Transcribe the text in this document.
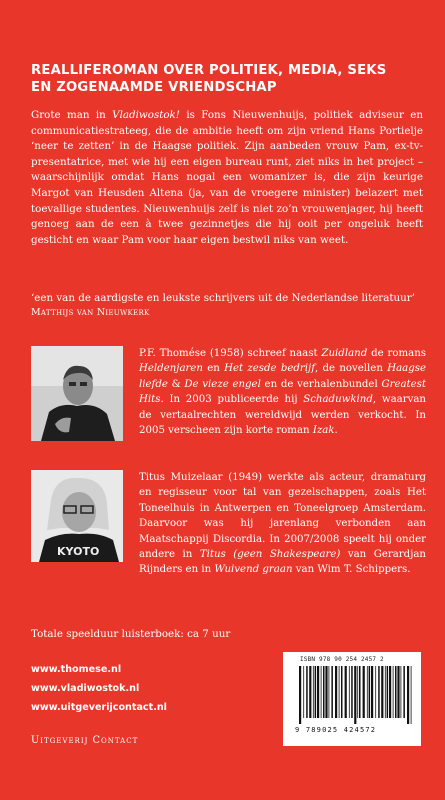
REALLIFEROMAN OVER POLITIEK, MEDIA, SEKS
EN ZOGENAAMDE VRIENDSCHAP

Grote man in Vladiwostok! is Fons Nieuwenhuijs, politiek adviseur en communicatiestrateeg, die de ambitie heeft om zijn vriend Hans Portielje ‘neer te zetten’ in de Haagse politiek. Zijn aanbeden vrouw Pam, ex-tv-presentatrice, met wie hij een eigen bureau runt, ziet niks in het project – waarschijnlijk omdat Hans nogal een womanizer is, die zijn keurige Margot van Heusden Altena (ja, van de vroegere minister) belazert met toevallige studentes. Nieuwenhuijs zelf is niet zo’n vrouwenjager, hij heeft genoeg aan de een à twee gezinnetjes die hij ooit per ongeluk heeft gesticht en waar Pam voor haar eigen bestwil niks van weet.

‘een van de aardigste en leukste schrijvers uit de Nederlandse literatuur’

Matthijs van Nieuwkerk

P.F. Thomése (1958) schreef naast Zuidland de romans Heldenjaren en Het zesde bedrijf, de novellen Haagse liefde & De vieze engel en de verhalenbundel Greatest Hits. In 2003 publiceerde hij Schaduwkind, waarvan de vertaalrechten wereldwijd werden verkocht. In 2005 verscheen zijn korte roman Izak.

KYOTO

Titus Muizelaar (1949) werkte als acteur, dramaturg en regisseur voor tal van gezelschappen, zoals Het Toneelhuis in Antwerpen en Toneelgroep Amsterdam. Daarvoor was hij jarenlang verbonden aan Maatschappij Discordia. In 2007/2008 speelt hij onder andere in Titus (geen Shakespeare) van Gerardjan Rijnders en in Wuivend graan van Wim T. Schippers.

Totale speelduur luisterboek: ca 7 uur
www.thomese.nl
www.vladiwostok.nl
www.uitgeverijcontact.nl
Uitgeverij Contact
ISBN 978 90 254 2457 2
9 789025 424572
